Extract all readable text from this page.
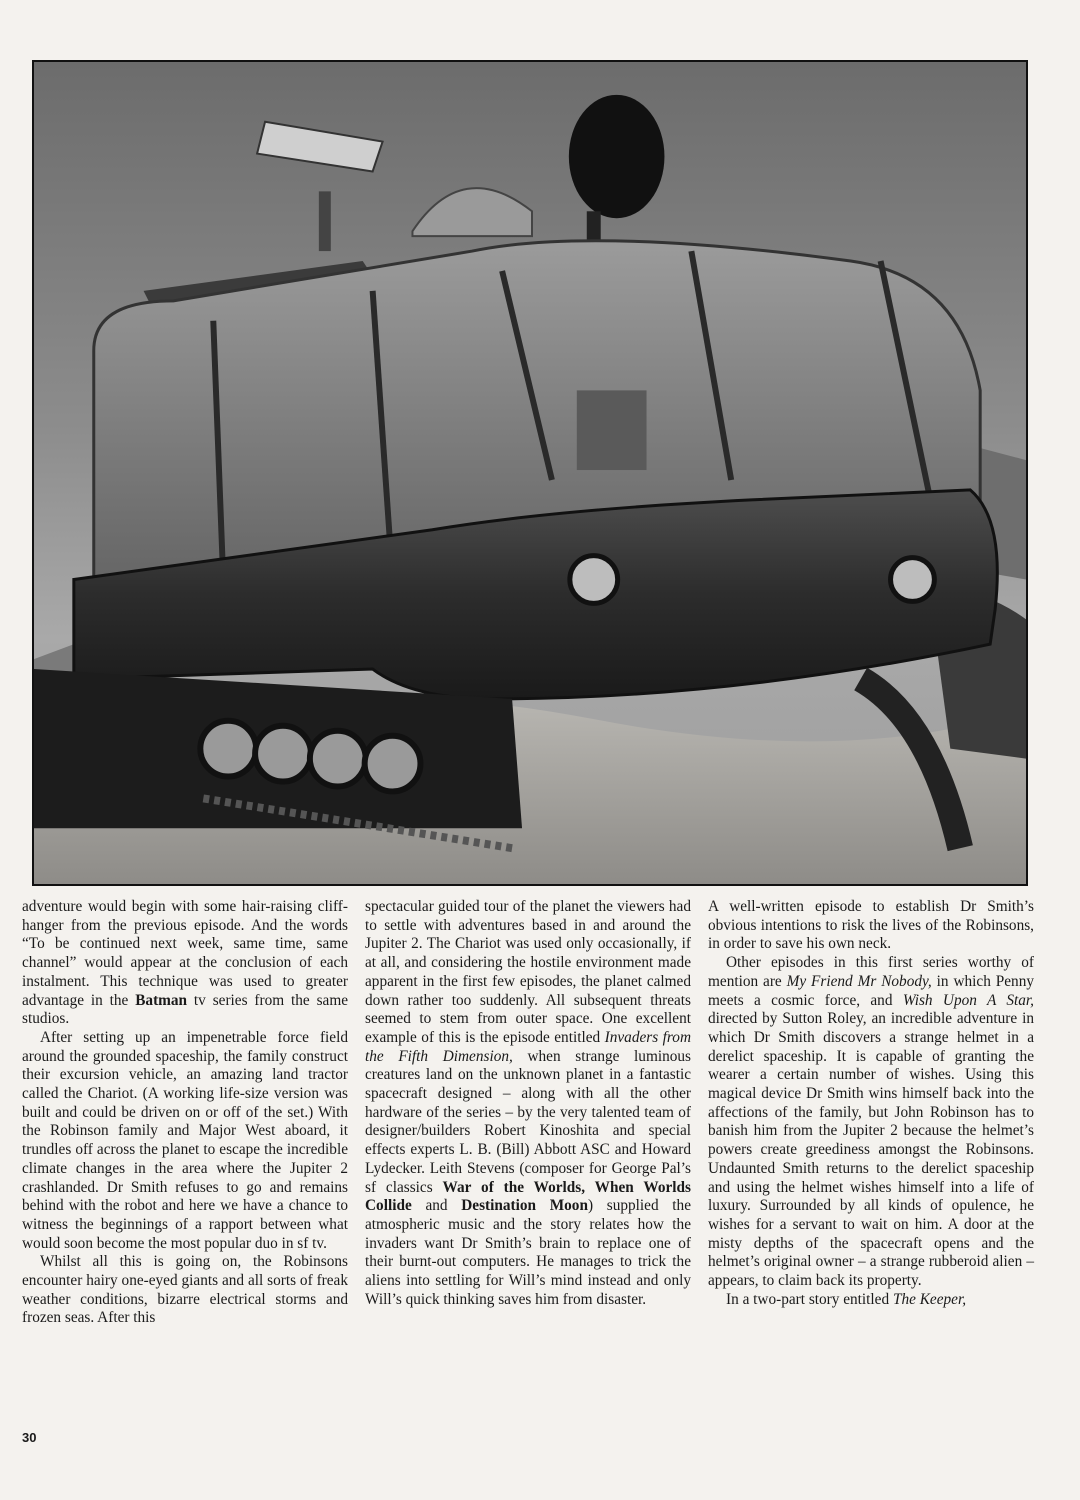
adventure would begin with some hair-raising cliff-hanger from the previous episode. And the words “To be continued next week, same time, same channel” would appear at the conclusion of each instalment. This technique was used to greater advantage in the Batman tv series from the same studios.

After setting up an impenetrable force field around the grounded spaceship, the family construct their excursion vehicle, an amazing land tractor called the Chariot. (A working life-size version was built and could be driven on or off of the set.) With the Robinson family and Major West aboard, it trundles off across the planet to escape the incredible climate changes in the area where the Jupiter 2 crashlanded. Dr Smith refuses to go and remains behind with the robot and here we have a chance to witness the beginnings of a rapport between what would soon become the most popular duo in sf tv.

Whilst all this is going on, the Robinsons encounter hairy one-eyed giants and all sorts of freak weather conditions, bizarre electrical storms and frozen seas. After this

spectacular guided tour of the planet the viewers had to settle with adventures based in and around the Jupiter 2. The Chariot was used only occasionally, if at all, and considering the hostile environment made apparent in the first few episodes, the planet calmed down rather too suddenly. All subsequent threats seemed to stem from outer space. One excellent example of this is the episode entitled Invaders from the Fifth Dimension, when strange luminous creatures land on the unknown planet in a fantastic spacecraft designed – along with all the other hardware of the series – by the very talented team of designer/builders Robert Kinoshita and special effects experts L. B. (Bill) Abbott ASC and Howard Lydecker. Leith Stevens (composer for George Pal’s sf classics War of the Worlds, When Worlds Collide and Destination Moon) supplied the atmospheric music and the story relates how the invaders want Dr Smith’s brain to replace one of their burnt-out computers. He manages to trick the aliens into settling for Will’s mind instead and only Will’s quick thinking saves him from disaster.

A well-written episode to establish Dr Smith’s obvious intentions to risk the lives of the Robinsons, in order to save his own neck.

Other episodes in this first series worthy of mention are My Friend Mr Nobody, in which Penny meets a cosmic force, and Wish Upon A Star, directed by Sutton Roley, an incredible adventure in which Dr Smith discovers a strange helmet in a derelict spaceship. It is capable of granting the wearer a certain number of wishes. Using this magical device Dr Smith wins himself back into the affections of the family, but John Robinson has to banish him from the Jupiter 2 because the helmet’s powers create greediness amongst the Robinsons. Undaunted Smith returns to the derelict spaceship and using the helmet wishes himself into a life of luxury. Surrounded by all kinds of opulence, he wishes for a servant to wait on him. A door at the misty depths of the spacecraft opens and the helmet’s original owner – a strange rubberoid alien – appears, to claim back its property.

In a two-part story entitled The Keeper,

30
